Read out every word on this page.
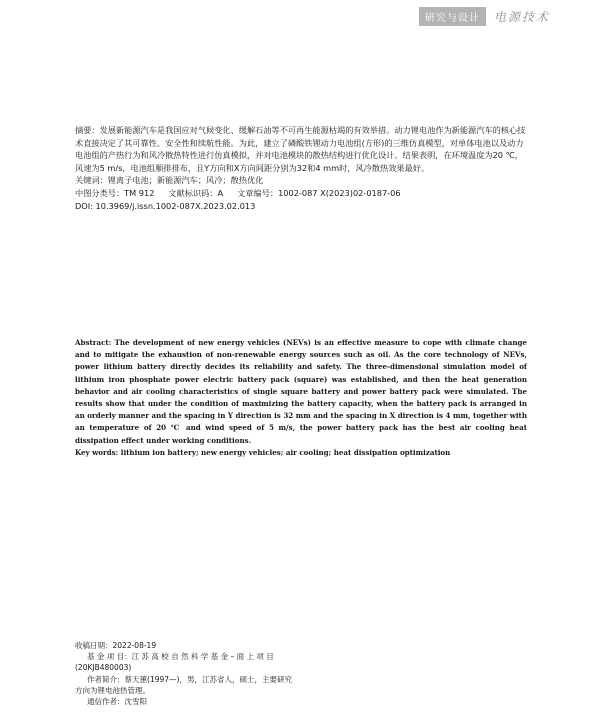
研究与设计	电源技术

摘要：发展新能源汽车是我国应对气候变化、缓解石油等不可再生能源枯竭的有效举措。动力锂电池作为新能源汽车的核心技术直接决定了其可靠性、安全性和续航性能。为此，建立了磷酸铁锂动力电池组(方形)的三维仿真模型，对单体电池以及动力电池组的产热行为和风冷散热特性进行仿真模拟，并对电池模块的散热结构进行优化设计。结果表明，在环境温度为20 ℃，风速为5 m/s，电池组顺排排布，且Y方向和X方向间距分别为32和4 mm时，风冷散热效果最好。

关键词：锂离子电池；新能源汽车；风冷；散热优化

中图分类号：TM 912 文献标识码：A 文章编号：1002-087 X(2023)02-0187-06

DOI: 10.3969/j.issn.1002-087X.2023.02.013

Abstract: The development of new energy vehicles (NEVs) is an effective measure to cope with climate change and to mitigate the exhaustion of non-renewable energy sources such as oil. As the core technology of NEVs, power lithium battery directly decides its reliability and safety. The three-dimensional simulation model of lithium iron phosphate power electric battery pack (square) was established, and then the heat generation behavior and air cooling characteristics of single square battery and power battery pack were simulated. The results show that under the condition of maximizing the battery capacity, when the battery pack is arranged in an orderly manner and the spacing in Y direction is 32 mm and the spacing in X direction is 4 mm, together with an temperature of 20 ℃ and wind speed of 5 m/s, the power battery pack has the best air cooling heat dissipation effect under working conditions.

Key words: lithium ion battery; new energy vehicles; air cooling; heat dissipation optimization

收稿日期：2022-08-19

基 金 项 目：江 苏 高 校 自 然 科 学 基 金 – 面 上 项 目

(20KJB480003)

作者简介：蔡天蕙(1997—)，男，江苏省人，硕士，主要研究

方向为锂电池热管理。

通信作者：沈雪阳
